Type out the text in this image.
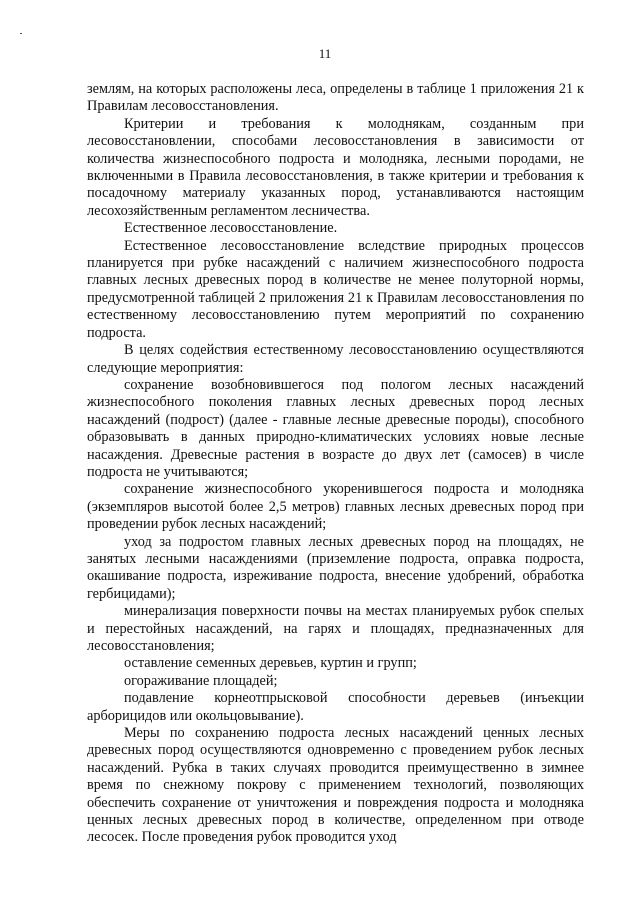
11

землям, на которых расположены леса, определены в таблице 1 приложения 21 к Правилам лесовосстановления.

Критерии и требования к молоднякам, созданным при лесовосстановлении, способами лесовосстановления в зависимости от количества жизнеспособного подроста и молодняка, лесными породами, не включенными в Правила лесовосстановления, в также критерии и требования к посадочному материалу указанных пород, устанавливаются настоящим лесохозяйственным регламентом лесничества.

Естественное лесовосстановление.

Естественное лесовосстановление вследствие природных процессов планируется при рубке насаждений с наличием жизнеспособного подроста главных лесных древесных пород в количестве не менее полуторной нормы, предусмотренной таблицей 2 приложения 21 к Правилам лесовосстановления по естественному лесовосстановлению путем мероприятий по сохранению подроста.

В целях содействия естественному лесовосстановлению осуществляются следующие мероприятия:

сохранение возобновившегося под пологом лесных насаждений жизнеспособного поколения главных лесных древесных пород лесных насаждений (подрост) (далее - главные лесные древесные породы), способного образовывать в данных природно-климатических условиях новые лесные насаждения. Древесные растения в возрасте до двух лет (самосев) в числе подроста не учитываются;

сохранение жизнеспособного укоренившегося подроста и молодняка (экземпляров высотой более 2,5 метров) главных лесных древесных пород при проведении рубок лесных насаждений;

уход за подростом главных лесных древесных пород на площадях, не занятых лесными насаждениями (приземление подроста, оправка подроста, окашивание подроста, изреживание подроста, внесение удобрений, обработка гербицидами);

минерализация поверхности почвы на местах планируемых рубок спелых и перестойных насаждений, на гарях и площадях, предназначенных для лесовосстановления;

оставление семенных деревьев, куртин и групп;

огораживание площадей;

подавление корнеотпрысковой способности деревьев (инъекции арборицидов или окольцовывание).

Меры по сохранению подроста лесных насаждений ценных лесных древесных пород осуществляются одновременно с проведением рубок лесных насаждений. Рубка в таких случаях проводится преимущественно в зимнее время по снежному покрову с применением технологий, позволяющих обеспечить сохранение от уничтожения и повреждения подроста и молодняка ценных лесных древесных пород в количестве, определенном при отводе лесосек. После проведения рубок проводится уход
